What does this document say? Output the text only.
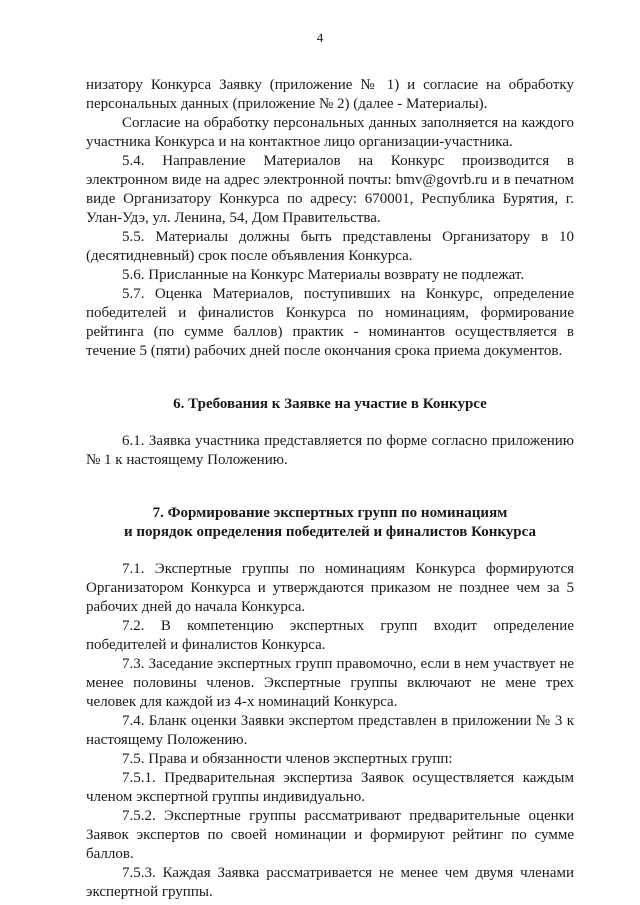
4

низатору Конкурса Заявку (приложение № 1) и согласие на обработку персональных данных (приложение № 2) (далее - Материалы).

Согласие на обработку персональных данных заполняется на каждого участника Конкурса и на контактное лицо организации-участника.

5.4. Направление Материалов на Конкурс производится в электронном виде на адрес электронной почты: bmv@govrb.ru и в печатном виде Организатору Конкурса по адресу: 670001, Республика Бурятия, г. Улан-Удэ, ул. Ленина, 54, Дом Правительства.

5.5. Материалы должны быть представлены Организатору в 10 (десятидневный) срок после объявления Конкурса.

5.6. Присланные на Конкурс Материалы возврату не подлежат.

5.7. Оценка Материалов, поступивших на Конкурс, определение победителей и финалистов Конкурса по номинациям, формирование рейтинга (по сумме баллов) практик - номинантов осуществляется в течение 5 (пяти) рабочих дней после окончания срока приема документов.

6. Требования к Заявке на участие в Конкурсе

6.1. Заявка участника представляется по форме согласно приложению № 1 к настоящему Положению.

7. Формирование экспертных групп по номинациям
и порядок определения победителей и финалистов Конкурса

7.1. Экспертные группы по номинациям Конкурса формируются Организатором Конкурса и утверждаются приказом не позднее чем за 5 рабочих дней до начала Конкурса.

7.2. В компетенцию экспертных групп входит определение победителей и финалистов Конкурса.

7.3. Заседание экспертных групп правомочно, если в нем участвует не менее половины членов. Экспертные группы включают не мене трех человек для каждой из 4-х номинаций Конкурса.

7.4. Бланк оценки Заявки экспертом представлен в приложении № 3 к настоящему Положению.

7.5. Права и обязанности членов экспертных групп:

7.5.1. Предварительная экспертиза Заявок осуществляется каждым членом экспертной группы индивидуально.

7.5.2. Экспертные группы рассматривают предварительные оценки Заявок экспертов по своей номинации и формируют рейтинг по сумме баллов.

7.5.3. Каждая Заявка рассматривается не менее чем двумя членами экспертной группы.
